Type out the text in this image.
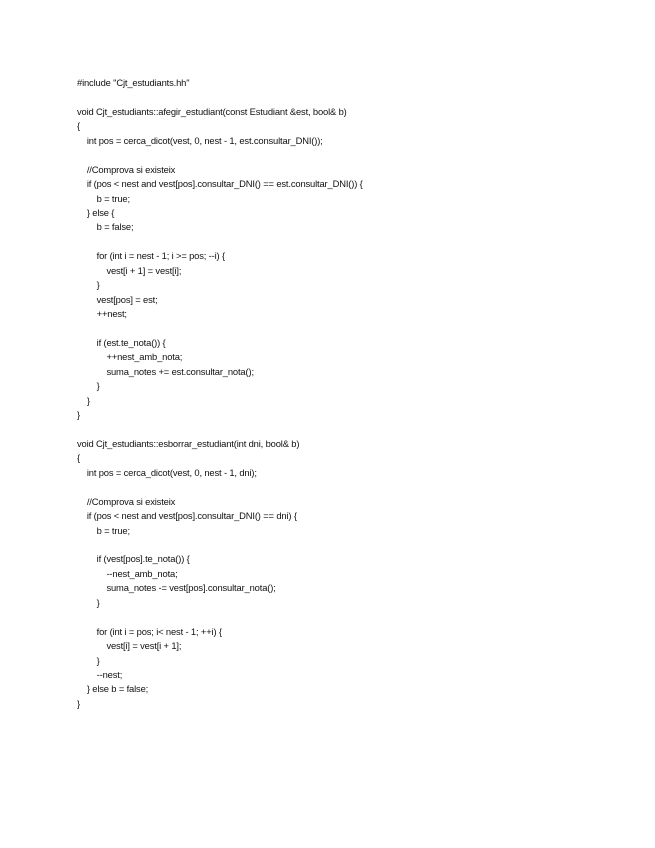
#include "Cjt_estudiants.hh"
void Cjt_estudiants::afegir_estudiant(const Estudiant &est, bool& b)
{
int pos = cerca_dicot(vest, 0, nest - 1, est.consultar_DNI());
//Comprova si existeix
if (pos < nest and vest[pos].consultar_DNI() == est.consultar_DNI()) {
b = true;
} else {
b = false;
for (int i = nest - 1; i >= pos; --i) {
vest[i + 1] = vest[i];
}
vest[pos] = est;
++nest;
if (est.te_nota()) {
++nest_amb_nota;
suma_notes += est.consultar_nota();
}
}
}
void Cjt_estudiants::esborrar_estudiant(int dni, bool& b)
{
int pos = cerca_dicot(vest, 0, nest - 1, dni);
//Comprova si existeix
if (pos < nest and vest[pos].consultar_DNI() == dni) {
b = true;
if (vest[pos].te_nota()) {
--nest_amb_nota;
suma_notes -= vest[pos].consultar_nota();
}
for (int i = pos; i< nest - 1; ++i) {
vest[i] = vest[i + 1];
}
--nest;
} else b = false;
}
